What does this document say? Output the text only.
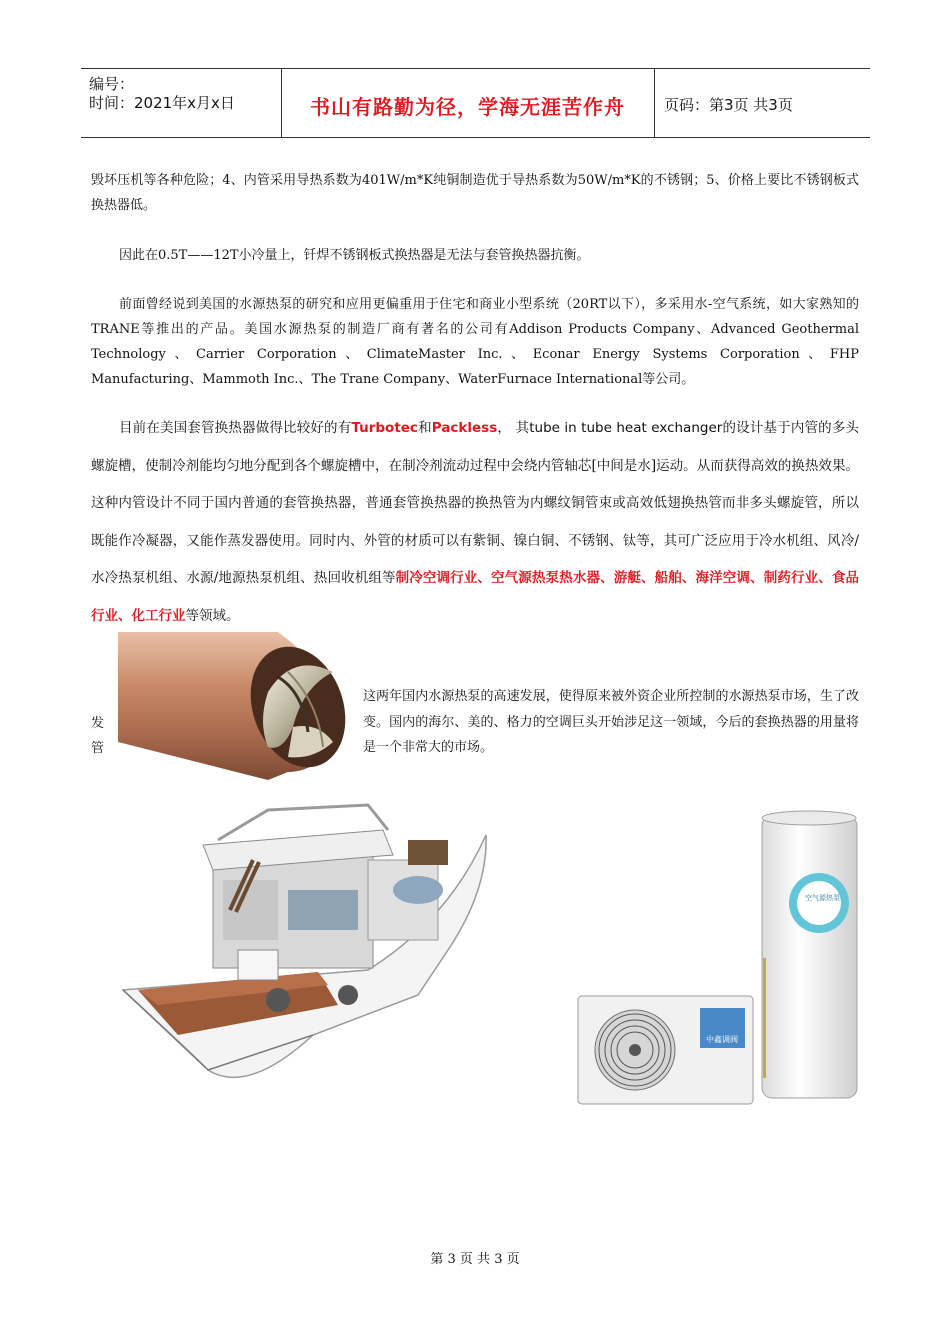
编号：
时间：2021年x月x日	书山有路勤为径，学海无涯苦作舟	页码：第3页 共3页
毁坏压机等各种危险；4、内管采用导热系数为401W/m*K纯铜制造优于导热系数为50W/m*K的不锈钢；5、价格上要比不锈钢板式换热器低。
因此在0.5T——12T小冷量上，钎焊不锈钢板式换热器是无法与套管换热器抗衡。
前面曾经说到美国的水源热泵的研究和应用更偏重用于住宅和商业小型系统（20RT以下），多采用水-空气系统，如大家熟知的TRANE等推出的产品。美国水源热泵的制造厂商有著名的公司有Addison Products Company、Advanced Geothermal Technology、Carrier Corporation、ClimateMaster Inc.、Econar Energy Systems Corporation、FHP Manufacturing、Mammoth Inc.、The Trane Company、WaterFurnace International等公司。
目前在美国套管换热器做得比较好的有Turbotec和Packless， 其tube in tube heat exchanger的设计基于内管的多头螺旋槽，使制冷剂能均匀地分配到各个螺旋槽中，在制冷剂流动过程中会绕内管轴芯[中间是水]运动。从而获得高效的换热效果。这种内管设计不同于国内普通的套管换热器，普通套管换热器的换热管为内螺纹铜管束或高效低翅换热管而非多头螺旋管，所以既能作冷凝器，又能作蒸发器使用。同时内、外管的材质可以有紫铜、镍白铜、不锈钢、钛等，其可广泛应用于冷水机组、风冷/水冷热泵机组、水源/地源热泵机组、热回收机组等制冷空调行业、空气源热泵热水器、游艇、船舶、海洋空调、制药行业、食品行业、化工行业等领域。
发
管
这两年国内水源热泵的高速发展，使得原来被外资企业所控制的水源热泵市场，生了改变。国内的海尔、美的、格力的空调巨头开始涉足这一领域，今后的套换热器的用量将是一个非常大的市场。
空气源热泵
中鑫调阀
第 3 页 共 3 页
